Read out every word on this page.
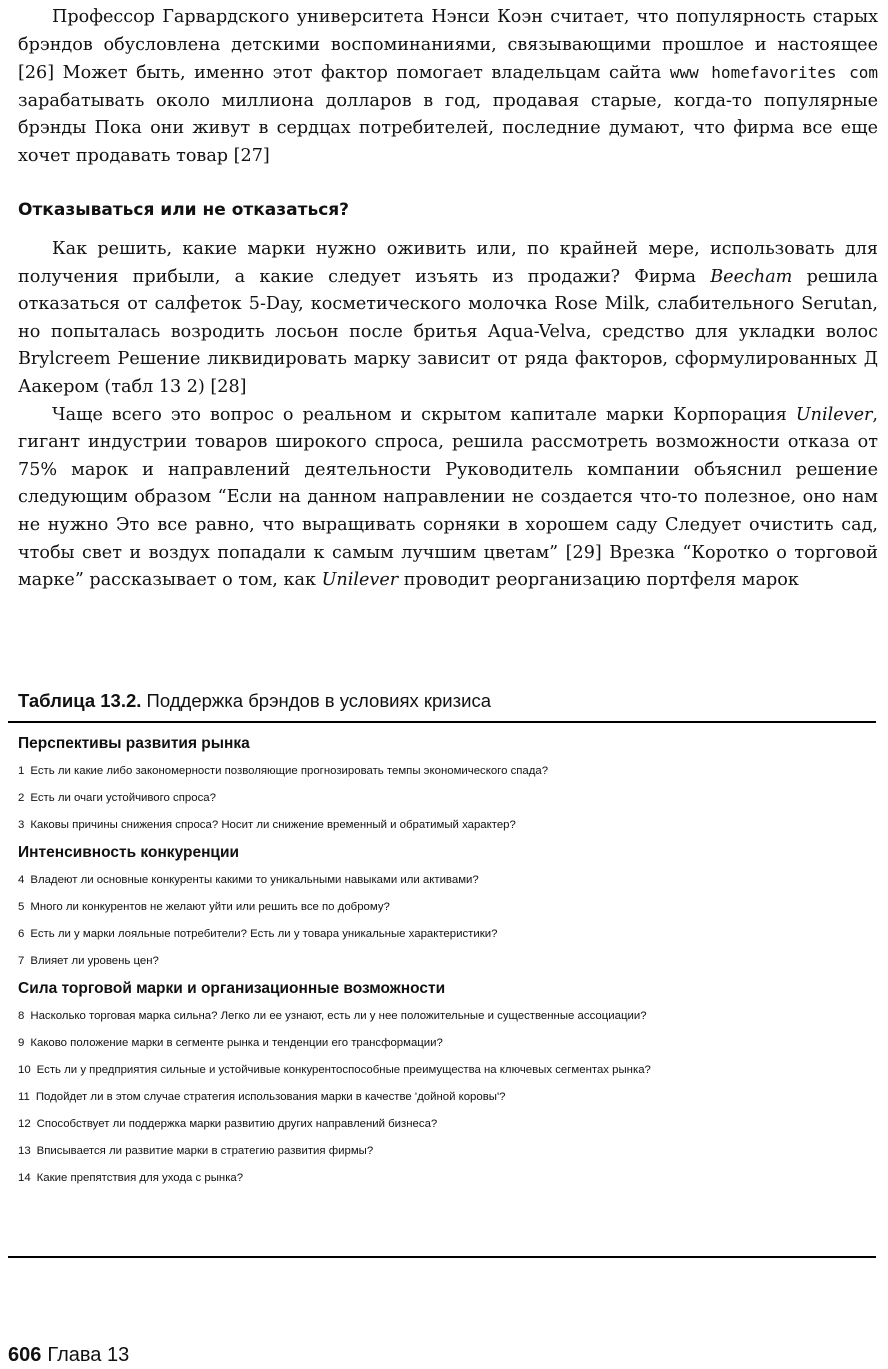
Профессор Гарвардского университета Нэнси Коэн считает, что популярность старых брэндов обусловлена детскими воспоминаниями, связывающими прошлое и настоящее [26] Может быть, именно этот фактор помогает владельцам сайта www homefavorites com зарабатывать около миллиона долларов в год, продавая старые, когда-то популярные брэнды Пока они живут в сердцах потребителей, последние думают, что фирма все еще хочет продавать товар [27]

Отказываться или не отказаться?

Как решить, какие марки нужно оживить или, по крайней мере, использовать для получения прибыли, а какие следует изъять из продажи? Фирма Beecham решила отказаться от салфеток 5-Day, косметического молочка Rose Milk, слабительного Serutan, но попыталась возродить лосьон после бритья Aqua-Velva, средство для укладки волос Brylcreem Решение ликвидировать марку зависит от ряда факторов, сформулированных Д Аакером (табл 13 2) [28]

Чаще всего это вопрос о реальном и скрытом капитале марки Корпорация Unilever, гигант индустрии товаров широкого спроса, решила рассмотреть возможности отказа от 75% марок и направлений деятельности Руководитель компании объяснил решение следующим образом “Если на данном направлении не создается что-то полезное, оно нам не нужно Это все равно, что выращивать сорняки в хорошем саду Следует очистить сад, чтобы свет и воздух попадали к самым лучшим цветам” [29] Врезка “Коротко о торговой марке” рассказывает о том, как Unilever проводит реорганизацию портфеля марок

Таблица 13.2. Поддержка брэндов в условиях кризиса

Перспективы развития рынка
1 Есть ли какие либо закономерности позволяющие прогнозировать темпы экономического спада?
2 Есть ли очаги устойчивого спроса?
3 Каковы причины снижения спроса? Носит ли снижение временный и обратимый характер?
Интенсивность конкуренции
4 Владеют ли основные конкуренты какими то уникальными навыками или активами?
5 Много ли конкурентов не желают уйти или решить все по доброму?
6 Есть ли у марки лояльные потребители? Есть ли у товара уникальные характеристики?
7 Влияет ли уровень цен?
Сила торговой марки и организационные возможности
8 Насколько торговая марка сильна? Легко ли ее узнают, есть ли у нее положительные и существенные ассоциации?
9 Каково положение марки в сегменте рынка и тенденции его трансформации?
10 Есть ли у предприятия сильные и устойчивые конкурентоспособные преимущества на ключевых сегментах рынка?
11 Подойдет ли в этом случае стратегия использования марки в качестве 'дойной коровы'?
12 Способствует ли поддержка марки развитию других направлений бизнеса?
13 Вписывается ли развитие марки в стратегию развития фирмы?
14 Какие препятствия для ухода с рынка?
606 Глава 13
